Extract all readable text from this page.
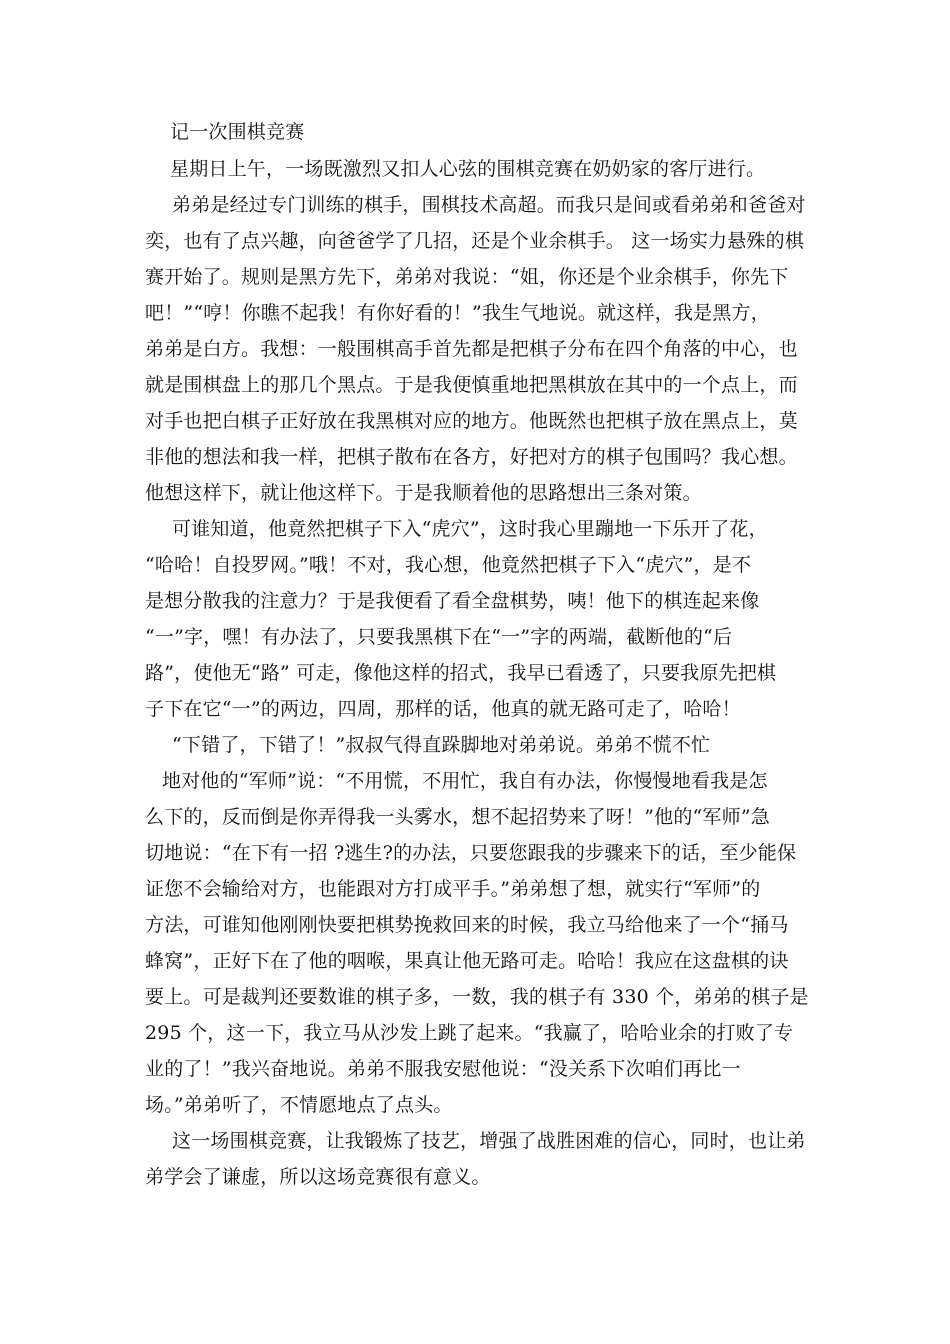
记一次围棋竞赛
星期日上午，一场既激烈又扣人心弦的围棋竞赛在奶奶家的客厅进行。
弟弟是经过专门训练的棋手，围棋技术高超。而我只是间或看弟弟和爸爸对
奕，也有了点兴趣，向爸爸学了几招，还是个业余棋手。 这一场实力悬殊的棋
赛开始了。规则是黑方先下，弟弟对我说：“姐，你还是个业余棋手，你先下
吧！”“哼！你瞧不起我！有你好看的！”我生气地说。就这样，我是黑方，
弟弟是白方。我想：一般围棋高手首先都是把棋子分布在四个角落的中心，也
就是围棋盘上的那几个黑点。于是我便慎重地把黑棋放在其中的一个点上，而
对手也把白棋子正好放在我黑棋对应的地方。他既然也把棋子放在黑点上，莫
非他的想法和我一样，把棋子散布在各方，好把对方的棋子包围吗？我心想。
他想这样下，就让他这样下。于是我顺着他的思路想出三条对策。
可谁知道，他竟然把棋子下入“虎穴”，这时我心里蹦地一下乐开了花，
“哈哈！自投罗网。”哦！不对，我心想，他竟然把棋子下入“虎穴”，是不
是想分散我的注意力？于是我便看了看全盘棋势，咦！他下的棋连起来像
“一”字，嘿！有办法了，只要我黑棋下在“一”字的两端，截断他的“后
路”，使他无“路” 可走，像他这样的招式，我早已看透了，只要我原先把棋
子下在它“一”的两边，四周，那样的话，他真的就无路可走了，哈哈！
“下错了，下错了！”叔叔气得直跺脚地对弟弟说。弟弟不慌不忙
地对他的“军师”说：“不用慌，不用忙，我自有办法，你慢慢地看我是怎
么下的，反而倒是你弄得我一头雾水，想不起招势来了呀！”他的“军师”急
切地说：“在下有一招 ?逃生?的办法，只要您跟我的步骤来下的话，至少能保
证您不会输给对方，也能跟对方打成平手。”弟弟想了想，就实行“军师”的
方法，可谁知他刚刚快要把棋势挽救回来的时候，我立马给他来了一个“捅马
蜂窝”，正好下在了他的咽喉，果真让他无路可走。哈哈！我应在这盘棋的诀
要上。可是裁判还要数谁的棋子多，一数，我的棋子有 330 个，弟弟的棋子是
295 个，这一下，我立马从沙发上跳了起来。“我赢了，哈哈业余的打败了专
业的了！”我兴奋地说。弟弟不服我安慰他说：“没关系下次咱们再比一
场。”弟弟听了，不情愿地点了点头。
这一场围棋竞赛，让我锻炼了技艺，增强了战胜困难的信心，同时，也让弟
弟学会了谦虚，所以这场竞赛很有意义。
